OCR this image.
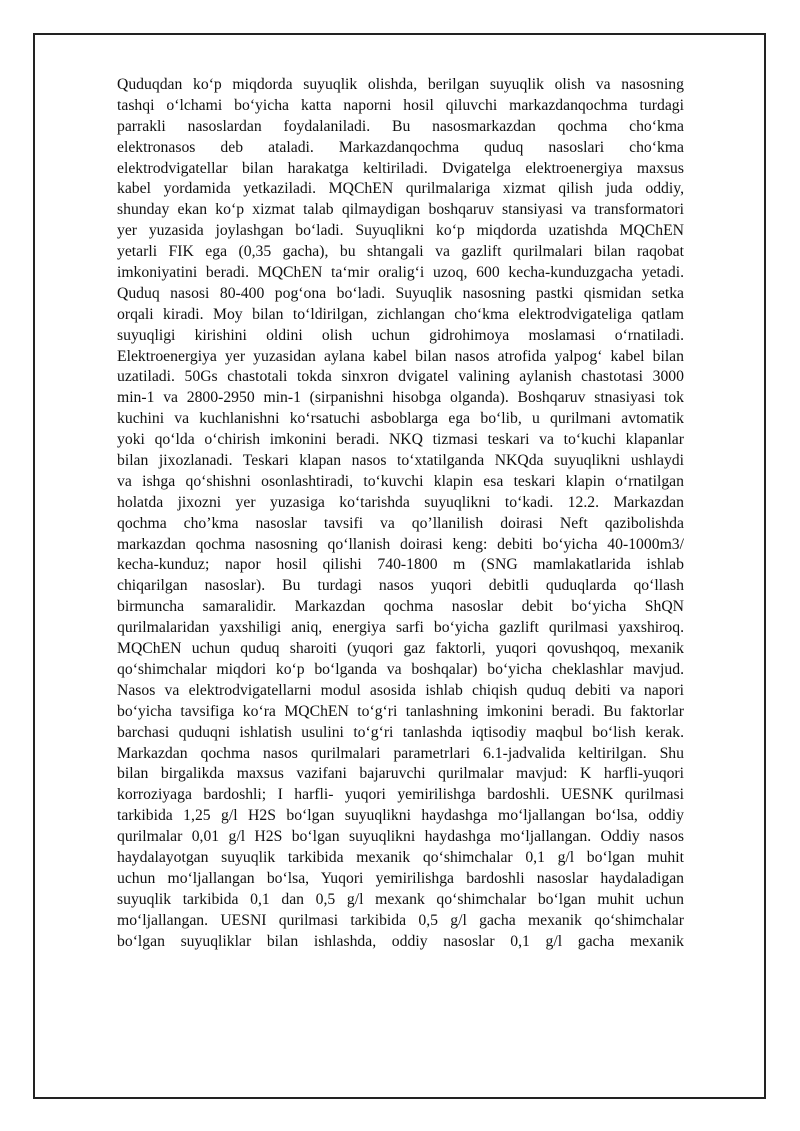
Quduqdan ko‘p miqdorda suyuqlik olishda, berilgan suyuqlik olish va nasosning
tashqi o‘lchami bo‘yicha katta naporni hosil qiluvchi markazdanqochma turdagi
parrakli nasoslardan foydalaniladi. Bu nasosmarkazdan qochma cho‘kma
elektronasos deb ataladi. Markazdanqochma quduq nasoslari cho‘kma
elektrodvigatellar bilan harakatga keltiriladi. Dvigatelga elektroenergiya maxsus
kabel yordamida yetkaziladi. MQChEN qurilmalariga xizmat qilish juda oddiy,
shunday ekan ko‘p xizmat talab qilmaydigan boshqaruv stansiyasi va transformatori
yer yuzasida joylashgan bo‘ladi. Suyuqlikni ko‘p miqdorda uzatishda MQChEN
yetarli FIK ega (0,35 gacha), bu shtangali va gazlift qurilmalari bilan raqobat
imkoniyatini beradi. MQChEN ta‘mir oralig‘i uzoq, 600 kecha-kunduzgacha yetadi.
Quduq nasosi 80-400 pog‘ona bo‘ladi. Suyuqlik nasosning pastki qismidan setka
orqali kiradi. Moy bilan to‘ldirilgan, zichlangan cho‘kma elektrodvigateliga qatlam
suyuqligi kirishini oldini olish uchun gidrohimoya moslamasi o‘rnatiladi.
Elektroenergiya yer yuzasidan aylana kabel bilan nasos atrofida yalpog‘ kabel bilan
uzatiladi. 50Gs chastotali tokda sinxron dvigatel valining aylanish chastotasi 3000
min-1 va 2800-2950 min-1 (sirpanishni hisobga olganda). Boshqaruv stnasiyasi tok
kuchini va kuchlanishni ko‘rsatuchi asboblarga ega bo‘lib, u qurilmani avtomatik
yoki qo‘lda o‘chirish imkonini beradi. NKQ tizmasi teskari va to‘kuchi klapanlar
bilan jixozlanadi. Teskari klapan nasos to‘xtatilganda NKQda suyuqlikni ushlaydi
va ishga qo‘shishni osonlashtiradi, to‘kuvchi klapin esa teskari klapin o‘rnatilgan
holatda jixozni yer yuzasiga ko‘tarishda suyuqlikni to‘kadi. 12.2. Markazdan
qochma cho’kma nasoslar tavsifi va qo’llanilish doirasi Neft qazibolishda
markazdan qochma nasosning qo‘llanish doirasi keng: debiti bo‘yicha 40-1000m3/
kecha-kunduz; napor hosil qilishi 740-1800 m (SNG mamlakatlarida ishlab
chiqarilgan nasoslar). Bu turdagi nasos yuqori debitli quduqlarda qo‘llash
birmuncha samaralidir. Markazdan qochma nasoslar debit bo‘yicha ShQN
qurilmalaridan yaxshiligi aniq, energiya sarfi bo‘yicha gazlift qurilmasi yaxshiroq.
MQChEN uchun quduq sharoiti (yuqori gaz faktorli, yuqori qovushqoq, mexanik
qo‘shimchalar miqdori ko‘p bo‘lganda va boshqalar) bo‘yicha cheklashlar mavjud.
Nasos va elektrodvigatellarni modul asosida ishlab chiqish quduq debiti va napori
bo‘yicha tavsifiga ko‘ra MQChEN to‘g‘ri tanlashning imkonini beradi. Bu faktorlar
barchasi quduqni ishlatish usulini to‘g‘ri tanlashda iqtisodiy maqbul bo‘lish kerak.
Markazdan qochma nasos qurilmalari parametrlari 6.1-jadvalida keltirilgan. Shu
bilan birgalikda maxsus vazifani bajaruvchi qurilmalar mavjud: K harfli-yuqori
korroziyaga bardoshli; I harfli- yuqori yemirilishga bardoshli. UESNK qurilmasi
tarkibida 1,25 g/l H2S bo‘lgan suyuqlikni haydashga mo‘ljallangan bo‘lsa, oddiy
qurilmalar 0,01 g/l H2S bo‘lgan suyuqlikni haydashga mo‘ljallangan. Oddiy nasos
haydalayotgan suyuqlik tarkibida mexanik qo‘shimchalar 0,1 g/l bo‘lgan muhit
uchun mo‘ljallangan bo‘lsa, Yuqori yemirilishga bardoshli nasoslar haydaladigan
suyuqlik tarkibida 0,1 dan 0,5 g/l mexank qo‘shimchalar bo‘lgan muhit uchun
mo‘ljallangan. UESNI qurilmasi tarkibida 0,5 g/l gacha mexanik qo‘shimchalar
bo‘lgan suyuqliklar bilan ishlashda, oddiy nasoslar 0,1 g/l gacha mexanik
